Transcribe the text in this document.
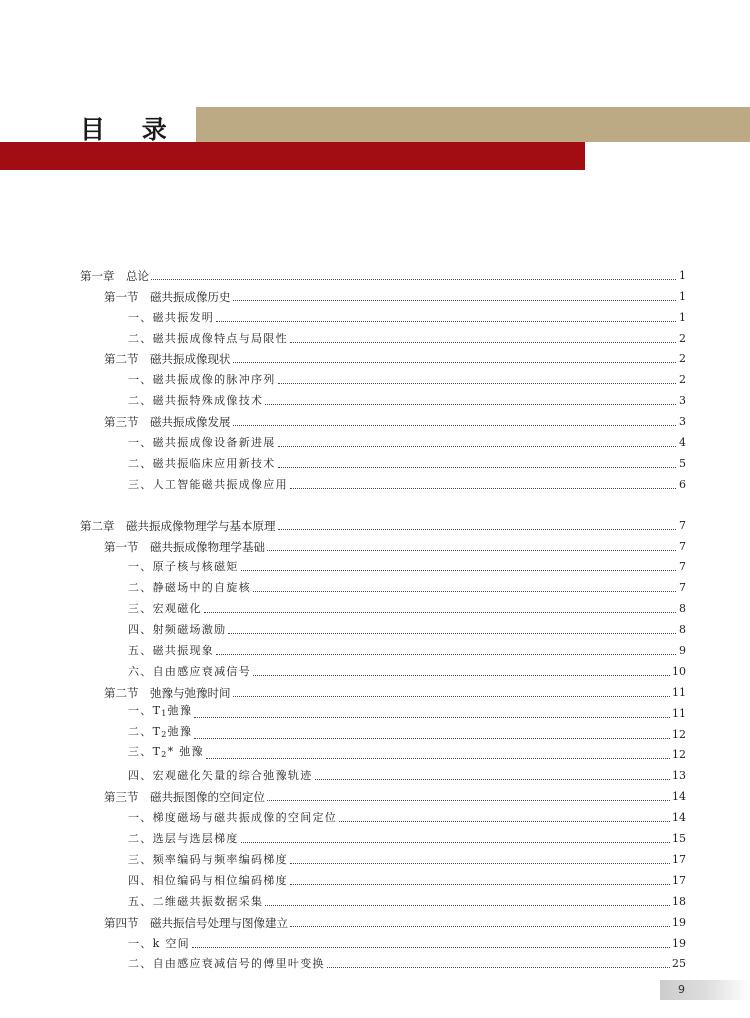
目 录
第一章　总论	1
第一节　磁共振成像历史	1
一、磁共振发明	1
二、磁共振成像特点与局限性	2
第二节　磁共振成像现状	2
一、磁共振成像的脉冲序列	2
二、磁共振特殊成像技术	3
第三节　磁共振成像发展	3
一、磁共振成像设备新进展	4
二、磁共振临床应用新技术	5
三、人工智能磁共振成像应用	6
第二章　磁共振成像物理学与基本原理	7
第一节　磁共振成像物理学基础	7
一、原子核与核磁矩	7
二、静磁场中的自旋核	7
三、宏观磁化	8
四、射频磁场激励	8
五、磁共振现象	9
六、自由感应衰减信号	10
第二节　弛豫与弛豫时间	11
一、$T_1$弛豫	11
二、$T_2$弛豫	12
三、$T_2*$ 弛豫	12
四、宏观磁化矢量的综合弛豫轨迹	13
第三节　磁共振图像的空间定位	14
一、梯度磁场与磁共振成像的空间定位	14
二、选层与选层梯度	15
三、频率编码与频率编码梯度	17
四、相位编码与相位编码梯度	17
五、二维磁共振数据采集	18
第四节　磁共振信号处理与图像建立	19
一、k 空间	19
二、自由感应衰减信号的傅里叶变换	25
9
